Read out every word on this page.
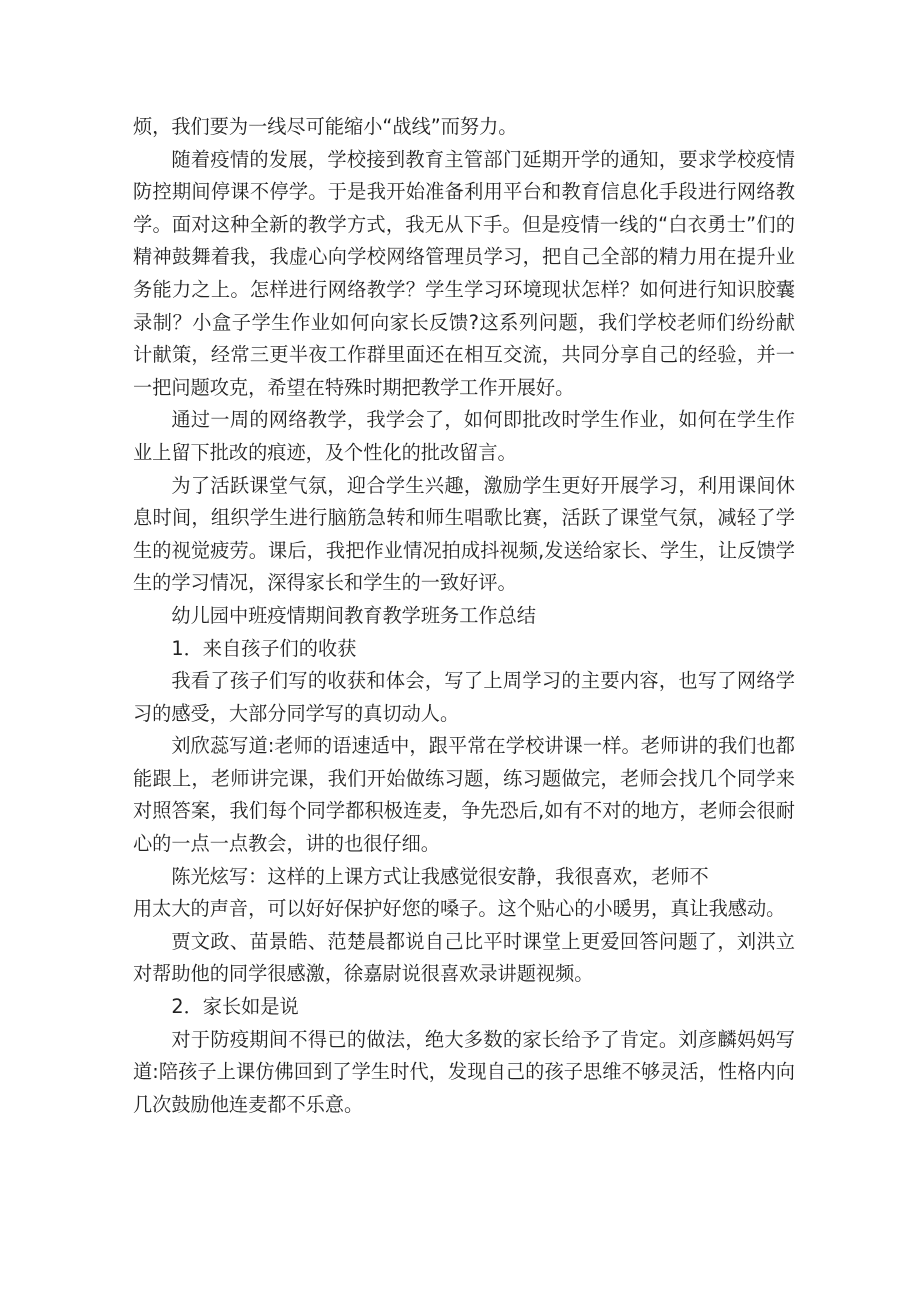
烦，我们要为一线尽可能缩小“战线”而努力。

随着疫情的发展，学校接到教育主管部门延期开学的通知，要求学校疫情防控期间停课不停学。于是我开始准备利用平台和教育信息化手段进行网络教学。面对这种全新的教学方式，我无从下手。但是疫情一线的“白衣勇士”们的精神鼓舞着我，我虚心向学校网络管理员学习，把自己全部的精力用在提升业务能力之上。怎样进行网络教学？学生学习环境现状怎样？如何进行知识胶囊录制？小盒子学生作业如何向家长反馈?这系列问题，我们学校老师们纷纷献计献策，经常三更半夜工作群里面还在相互交流，共同分享自己的经验，并一一把问题攻克，希望在特殊时期把教学工作开展好。

通过一周的网络教学，我学会了，如何即批改时学生作业，如何在学生作业上留下批改的痕迹，及个性化的批改留言。

为了活跃课堂气氛，迎合学生兴趣，激励学生更好开展学习，利用课间休息时间，组织学生进行脑筋急转和师生唱歌比赛，活跃了课堂气氛，减轻了学生的视觉疲劳。课后，我把作业情况拍成抖视频,发送给家长、学生，让反馈学生的学习情况，深得家长和学生的一致好评。

幼儿园中班疫情期间教育教学班务工作总结

1．来自孩子们的收获

我看了孩子们写的收获和体会，写了上周学习的主要内容，也写了网络学习的感受，大部分同学写的真切动人。

刘欣蕊写道:老师的语速适中，跟平常在学校讲课一样。老师讲的我们也都能跟上，老师讲完课，我们开始做练习题，练习题做完，老师会找几个同学来对照答案，我们每个同学都积极连麦，争先恐后,如有不对的地方，老师会很耐心的一点一点教会，讲的也很仔细。

陈光炫写：这样的上课方式让我感觉很安静，我很喜欢，老师不

用太大的声音，可以好好保护好您的嗓子。这个贴心的小暖男，真让我感动。

贾文政、苗景皓、范楚晨都说自己比平时课堂上更爱回答问题了，刘洪立对帮助他的同学很感激，徐嘉尉说很喜欢录讲题视频。

2．家长如是说

对于防疫期间不得已的做法，绝大多数的家长给予了肯定。刘彦麟妈妈写道:陪孩子上课仿佛回到了学生时代，发现自己的孩子思维不够灵活，性格内向几次鼓励他连麦都不乐意。
